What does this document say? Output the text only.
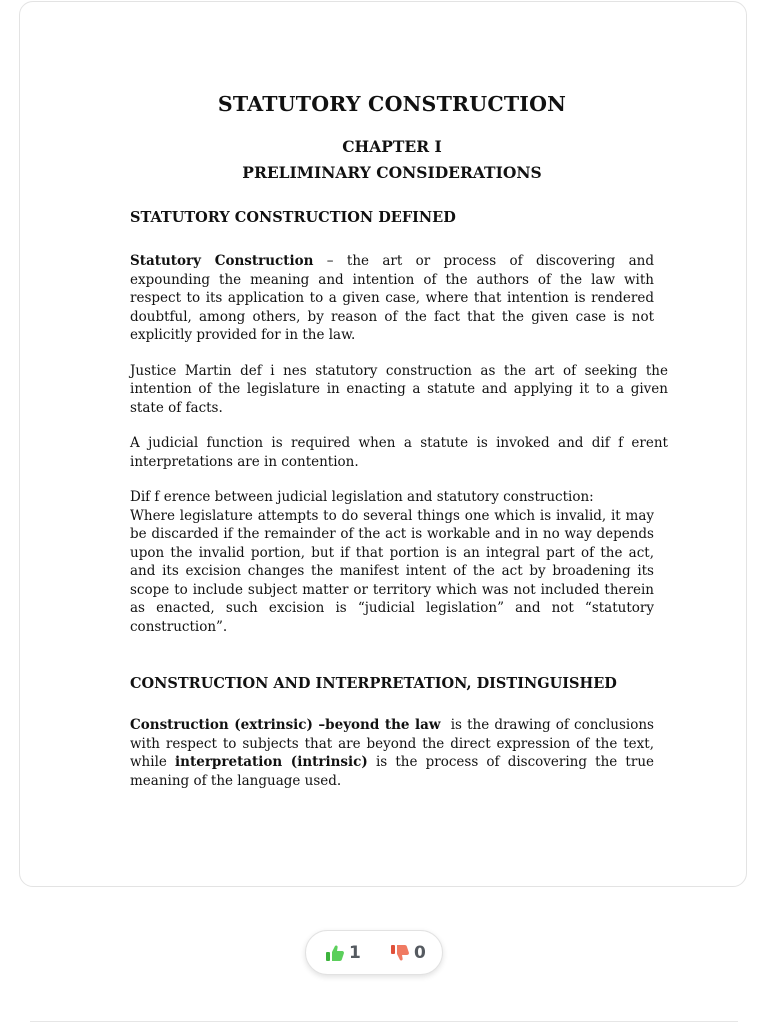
STATUTORY CONSTRUCTION
CHAPTER I
PRELIMINARY CONSIDERATIONS
STATUTORY CONSTRUCTION DEFINED

Statutory Construction – the art or process of discovering and expounding the meaning and intention of the authors of the law with respect to its application to a given case, where that intention is rendered doubtful, among others, by reason of the fact that the given case is not explicitly provided for in the law.

Justice Martin def i nes statutory construction as the art of seeking the intention of the legislature in enacting a statute and applying it to a given state of facts.

A judicial function is required when a statute is invoked and dif f erent interpretations are in contention.

Dif f erence between judicial legislation and statutory construction:
Where legislature attempts to do several things one which is invalid, it may be discarded if the remainder of the act is workable and in no way depends upon the invalid portion, but if that portion is an integral part of the act, and its excision changes the manifest intent of the act by broadening its scope to include subject matter or territory which was not included therein as enacted, such excision is “judicial legislation” and not “statutory construction”.

CONSTRUCTION AND INTERPRETATION, DISTINGUISHED

Construction (extrinsic) –beyond the law  is the drawing of conclusions with respect to subjects that are beyond the direct expression of the text, while interpretation (intrinsic) is the process of discovering the true meaning of the language used.

1	0
